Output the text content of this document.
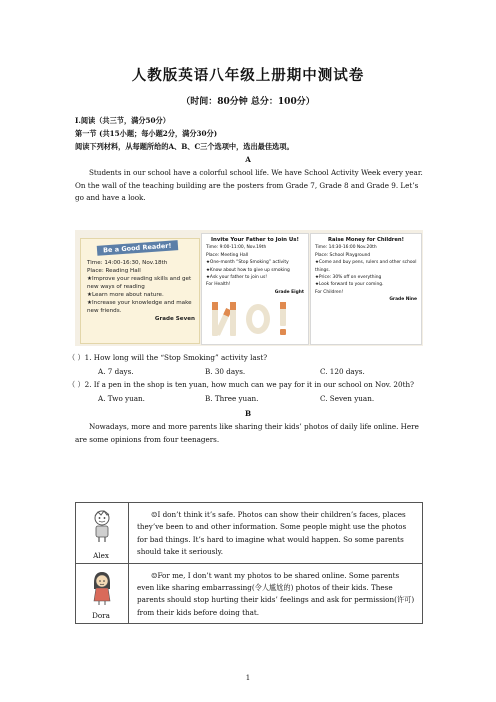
人教版英语八年级上册期中测试卷
（时间：80分钟 总分：100分）
Ⅰ.阅读（共三节，满分50分）
第一节 (共15小题；每小题2分，满分30分)
阅读下列材料，从每题所给的A、B、C三个选项中，选出最佳选项。
A
Students in our school have a colorful school life. We have School Activity Week every year. On the wall of the teaching building are the posters from Grade 7, Grade 8 and Grade 9. Let’s go and have a look.
Be a Good Reader!
Time: 14:00-16:30, Nov.18th
Place: Reading Hall
★Improve your reading skills and get new ways of reading
★Learn more about nature.
★Increase your knowledge and make new friends.
Grade Seven
Invite Your Father to Join Us!
Time: 9:00-11:00, Nov.19th
Place: Meeting Hall
★One-month “Stop Smoking” activity
★Know about how to give up smoking
★Ask your father to join us!
For Health!
Grade Eight
Raise Money for Children!
Time: 14:30-16:00 Nov.20th
Place: School Playground
★Come and buy pens, rulers and other school things.
★Price: 30% off on everything
★Look forward to your coming.
For Children!
Grade Nine
（ ）1. How long will the “Stop Smoking” activity last?
A. 7 days.	B. 30 days.	C. 120 days.
（ ）2. If a pen in the shop is ten yuan, how much can we pay for it in our school on Nov. 20th?
A. Two yuan.	B. Three yuan.	C. Seven yuan.
B
Nowadays, more and more parents like sharing their kids’ photos of daily life online. Here are some opinions from four teenagers.
Alex	☺I don’t think it’s safe. Photos can show their children’s faces, places they’ve been to and other information. Some people might use the photos for bad things. It’s hard to imagine what would happen. So some parents should take it seriously.

Dora	☺For me, I don’t want my photos to be shared online. Some parents even like sharing embarrassing(令人尴尬的) photos of their kids. These parents should stop hurting their kids’ feelings and ask for permission(许可) from their kids before doing that.
1
